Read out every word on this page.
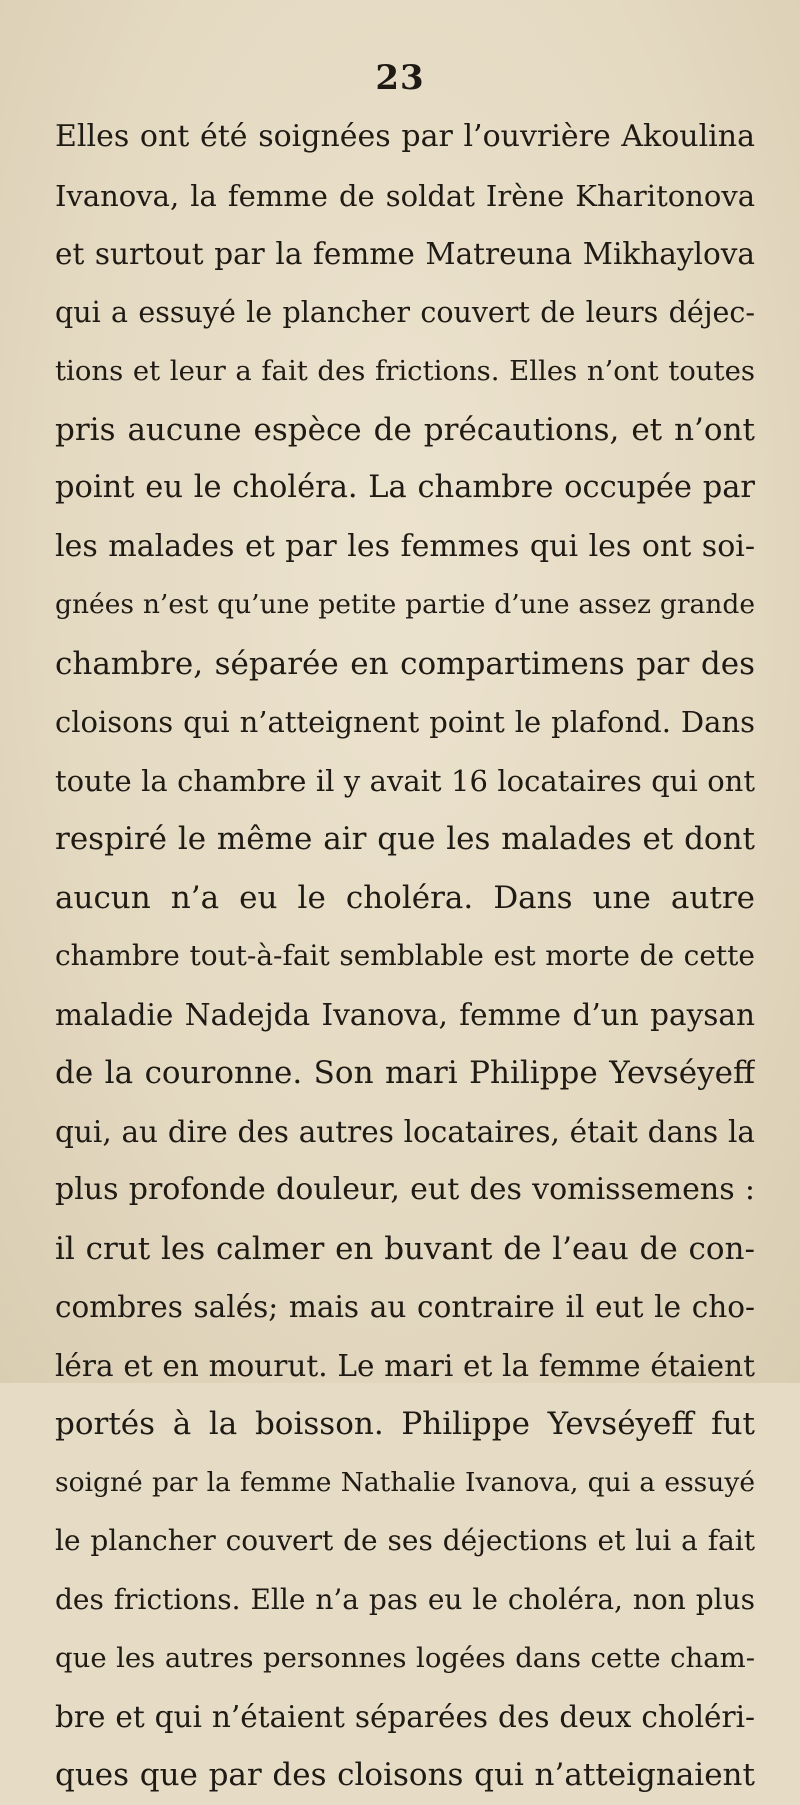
23
Elles ont été soignées par l’ouvrière Akoulina
Ivanova, la femme de soldat Irène Kharitonova
et surtout par la femme Matreuna Mikhaylova
qui a essuyé le plancher couvert de leurs déjec-
tions et leur a fait des frictions. Elles n’ont toutes
pris aucune espèce de précautions, et n’ont
point eu le choléra. La chambre occupée par
les malades et par les femmes qui les ont soi-
gnées n’est qu’une petite partie d’une assez grande
chambre, séparée en compartimens par des
cloisons qui n’atteignent point le plafond. Dans
toute la chambre il y avait 16 locataires qui ont
respiré le même air que les malades et dont
aucun n’a eu le choléra. Dans une autre
chambre tout-à-fait semblable est morte de cette
maladie Nadejda Ivanova, femme d’un paysan
de la couronne. Son mari Philippe Yevséyeff
qui, au dire des autres locataires, était dans la
plus profonde douleur, eut des vomissemens :
il crut les calmer en buvant de l’eau de con-
combres salés; mais au contraire il eut le cho-
léra et en mourut. Le mari et la femme étaient
portés à la boisson. Philippe Yevséyeff fut
soigné par la femme Nathalie Ivanova, qui a essuyé
le plancher couvert de ses déjections et lui a fait
des frictions. Elle n’a pas eu le choléra, non plus
que les autres personnes logées dans cette cham-
bre et qui n’étaient séparées des deux choléri-
ques que par des cloisons qui n’atteignaient
